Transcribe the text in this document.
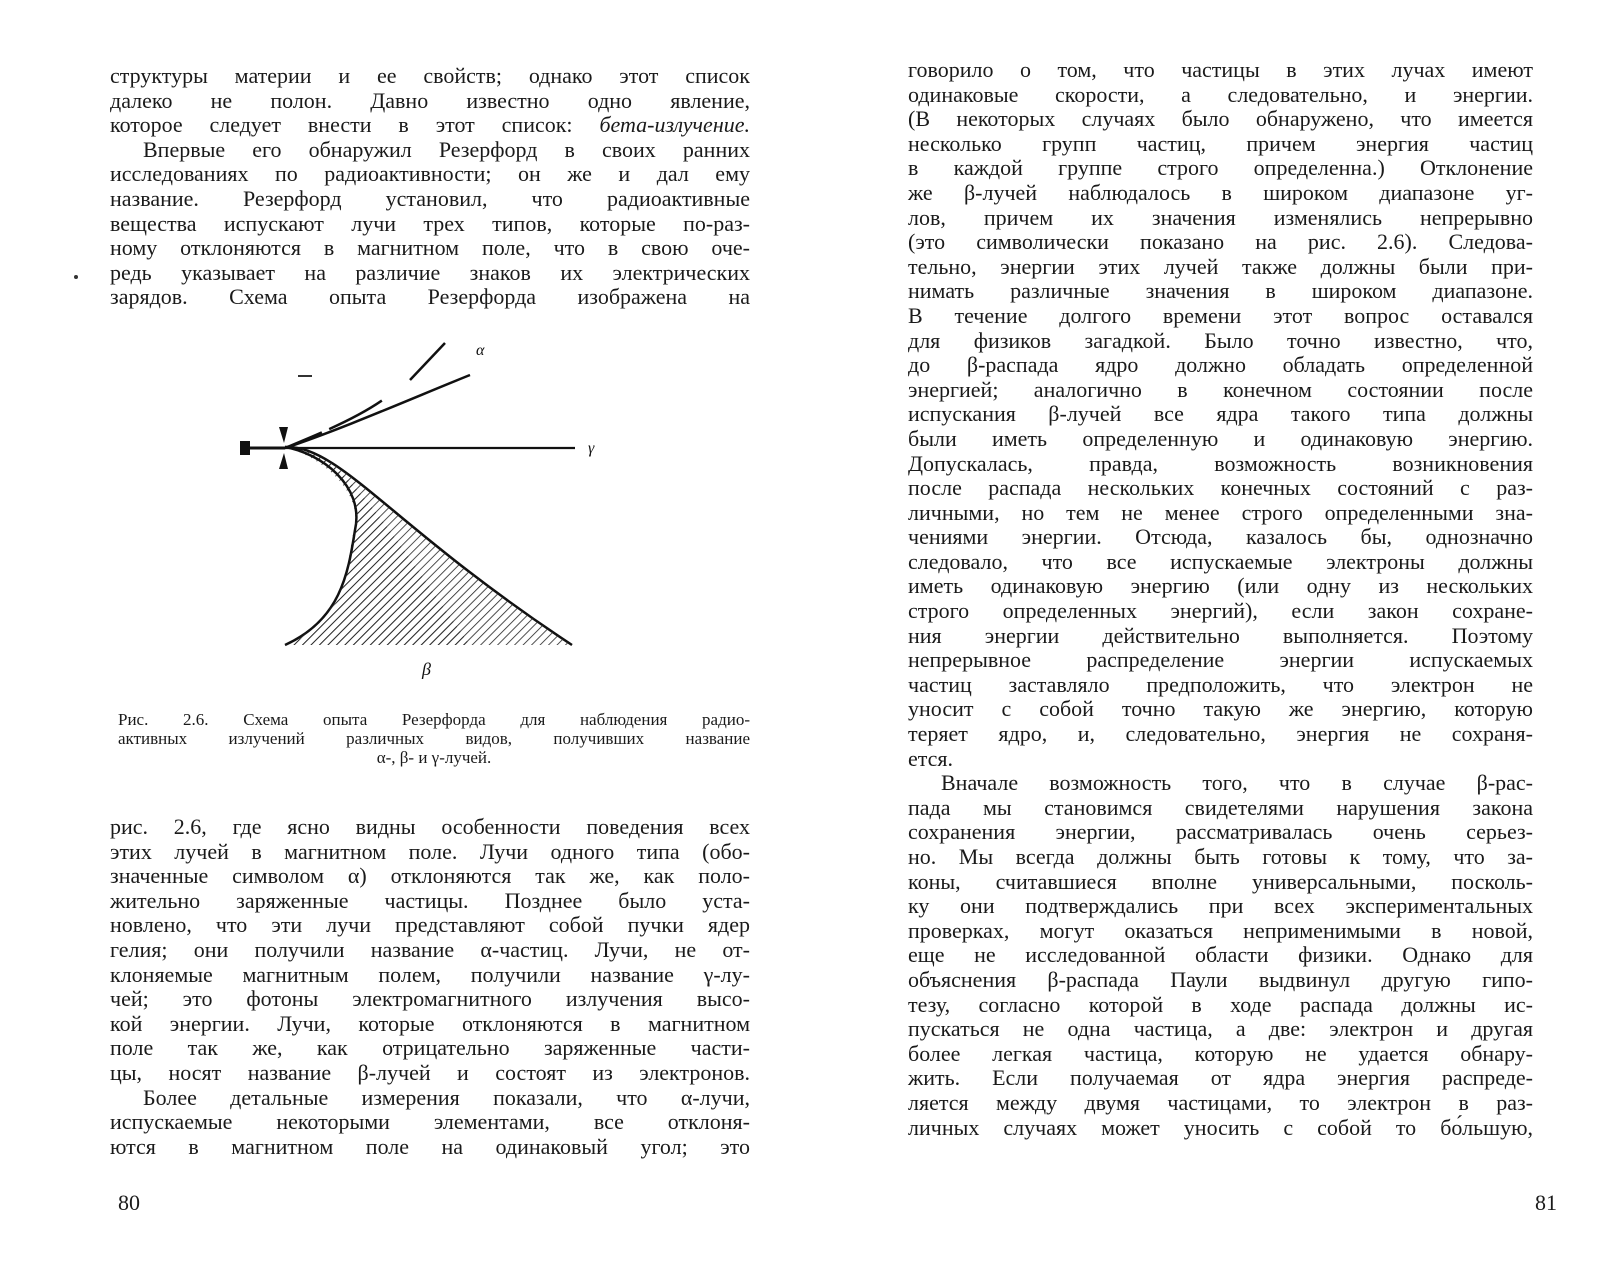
структуры материи и ее свойств; однако этот список
далеко не полон. Давно известно одно явление,
которое следует внести в этот список: бета-излучение.
Впервые его обнаружил Резерфорд в своих ранних
исследованиях по радиоактивности; он же и дал ему
название. Резерфорд установил, что радиоактивные
вещества испускают лучи трех типов, которые по-раз-
ному отклоняются в магнитном поле, что в свою оче-
редь указывает на различие знаков их электрических
зарядов. Схема опыта Резерфорда изображена на
α
γ
β
Рис. 2.6. Схема опыта Резерфорда для наблюдения радио-
активных излучений различных видов, получивших название
α-, β- и γ-лучей.
рис. 2.6, где ясно видны особенности поведения всех
этих лучей в магнитном поле. Лучи одного типа (обо-
значенные символом α) отклоняются так же, как поло-
жительно заряженные частицы. Позднее было уста-
новлено, что эти лучи представляют собой пучки ядер
гелия; они получили название α-частиц. Лучи, не от-
клоняемые магнитным полем, получили название γ-лу-
чей; это фотоны электромагнитного излучения высо-
кой энергии. Лучи, которые отклоняются в магнитном
поле так же, как отрицательно заряженные части-
цы, носят название β-лучей и состоят из электронов.
Более детальные измерения показали, что α-лучи,
испускаемые некоторыми элементами, все отклоня-
ются в магнитном поле на одинаковый угол; это
80
говорило о том, что частицы в этих лучах имеют
одинаковые скорости, а следовательно, и энергии.
(В некоторых случаях было обнаружено, что имеется
несколько групп частиц, причем энергия частиц
в каждой группе строго определенна.) Отклонение
же β-лучей наблюдалось в широком диапазоне уг-
лов, причем их значения изменялись непрерывно
(это символически показано на рис. 2.6). Следова-
тельно, энергии этих лучей также должны были при-
нимать различные значения в широком диапазоне.
В течение долгого времени этот вопрос оставался
для физиков загадкой. Было точно известно, что,
до β-распада ядро должно обладать определенной
энергией; аналогично в конечном состоянии после
испускания β-лучей все ядра такого типа должны
были иметь определенную и одинаковую энергию.
Допускалась, правда, возможность возникновения
после распада нескольких конечных состояний с раз-
личными, но тем не менее строго определенными зна-
чениями энергии. Отсюда, казалось бы, однозначно
следовало, что все испускаемые электроны должны
иметь одинаковую энергию (или одну из нескольких
строго определенных энергий), если закон сохране-
ния энергии действительно выполняется. Поэтому
непрерывное распределение энергии испускаемых
частиц заставляло предположить, что электрон не
уносит с собой точно такую же энергию, которую
теряет ядро, и, следовательно, энергия не сохраня-
ется.
Вначале возможность того, что в случае β-рас-
пада мы становимся свидетелями нарушения закона
сохранения энергии, рассматривалась очень серьез-
но. Мы всегда должны быть готовы к тому, что за-
коны, считавшиеся вполне универсальными, посколь-
ку они подтверждались при всех экспериментальных
проверках, могут оказаться неприменимыми в новой,
еще не исследованной области физики. Однако для
объяснения β-распада Паули выдвинул другую гипо-
тезу, согласно которой в ходе распада должны ис-
пускаться не одна частица, а две: электрон и другая
более легкая частица, которую не удается обнару-
жить. Если получаемая от ядра энергия распреде-
ляется между двумя частицами, то электрон в раз-
личных случаях может уносить с собой то бо́льшую,
81
